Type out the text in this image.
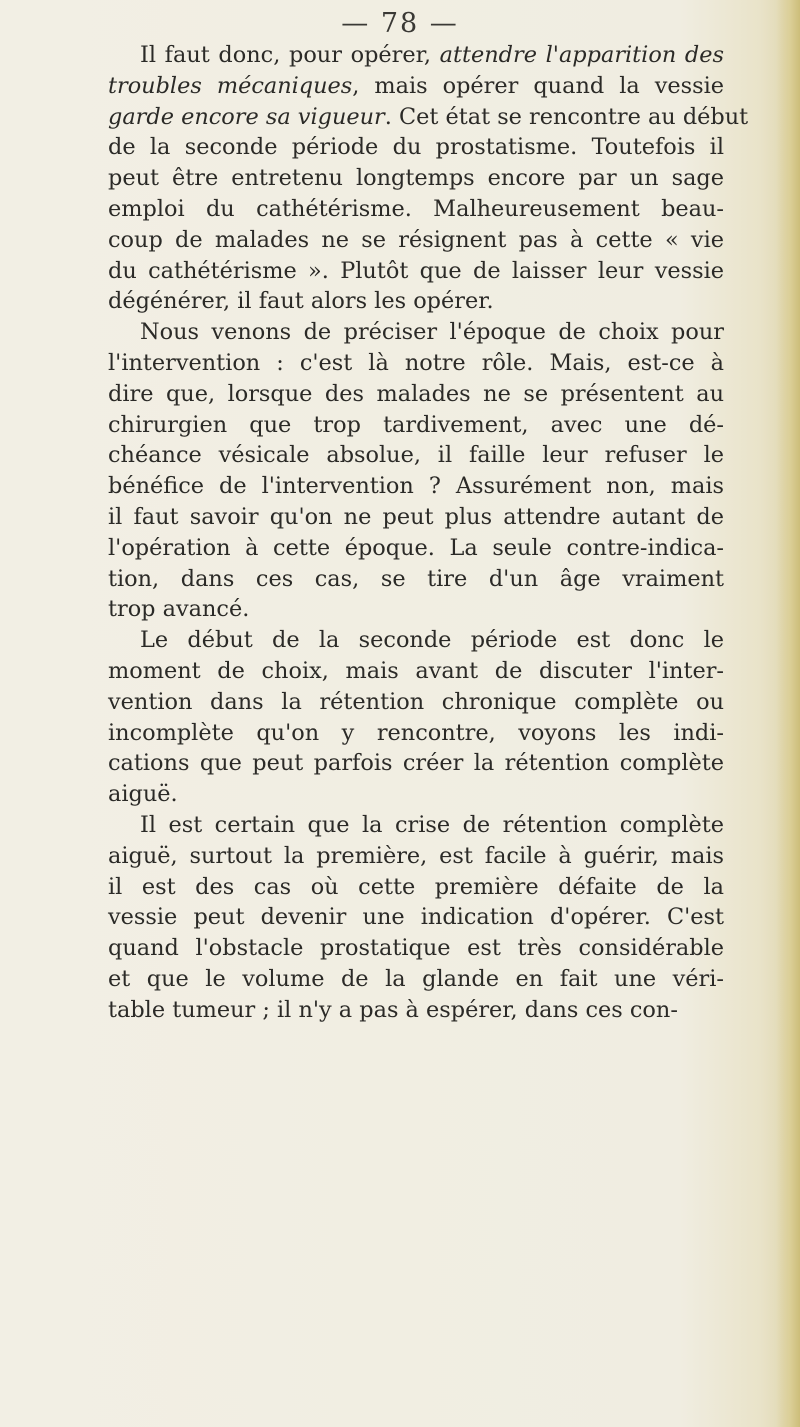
— 78 —
Il faut donc, pour opérer, attendre l'apparition des
troubles mécaniques, mais opérer quand la vessie
garde encore sa vigueur. Cet état se rencontre au début
de la seconde période du prostatisme. Toutefois il
peut être entretenu longtemps encore par un sage
emploi du cathétérisme. Malheureusement beau-
coup de malades ne se résignent pas à cette « vie
du cathétérisme ». Plutôt que de laisser leur vessie
dégénérer, il faut alors les opérer.
Nous venons de préciser l'époque de choix pour
l'intervention : c'est là notre rôle. Mais, est-ce à
dire que, lorsque des malades ne se présentent au
chirurgien que trop tardivement, avec une dé-
chéance vésicale absolue, il faille leur refuser le
bénéfice de l'intervention ? Assurément non, mais
il faut savoir qu'on ne peut plus attendre autant de
l'opération à cette époque. La seule contre-indica-
tion, dans ces cas, se tire d'un âge vraiment
trop avancé.
Le début de la seconde période est donc le
moment de choix, mais avant de discuter l'inter-
vention dans la rétention chronique complète ou
incomplète qu'on y rencontre, voyons les indi-
cations que peut parfois créer la rétention complète
aiguë.
Il est certain que la crise de rétention complète
aiguë, surtout la première, est facile à guérir, mais
il est des cas où cette première défaite de la
vessie peut devenir une indication d'opérer. C'est
quand l'obstacle prostatique est très considérable
et que le volume de la glande en fait une véri-
table tumeur ; il n'y a pas à espérer, dans ces con-
